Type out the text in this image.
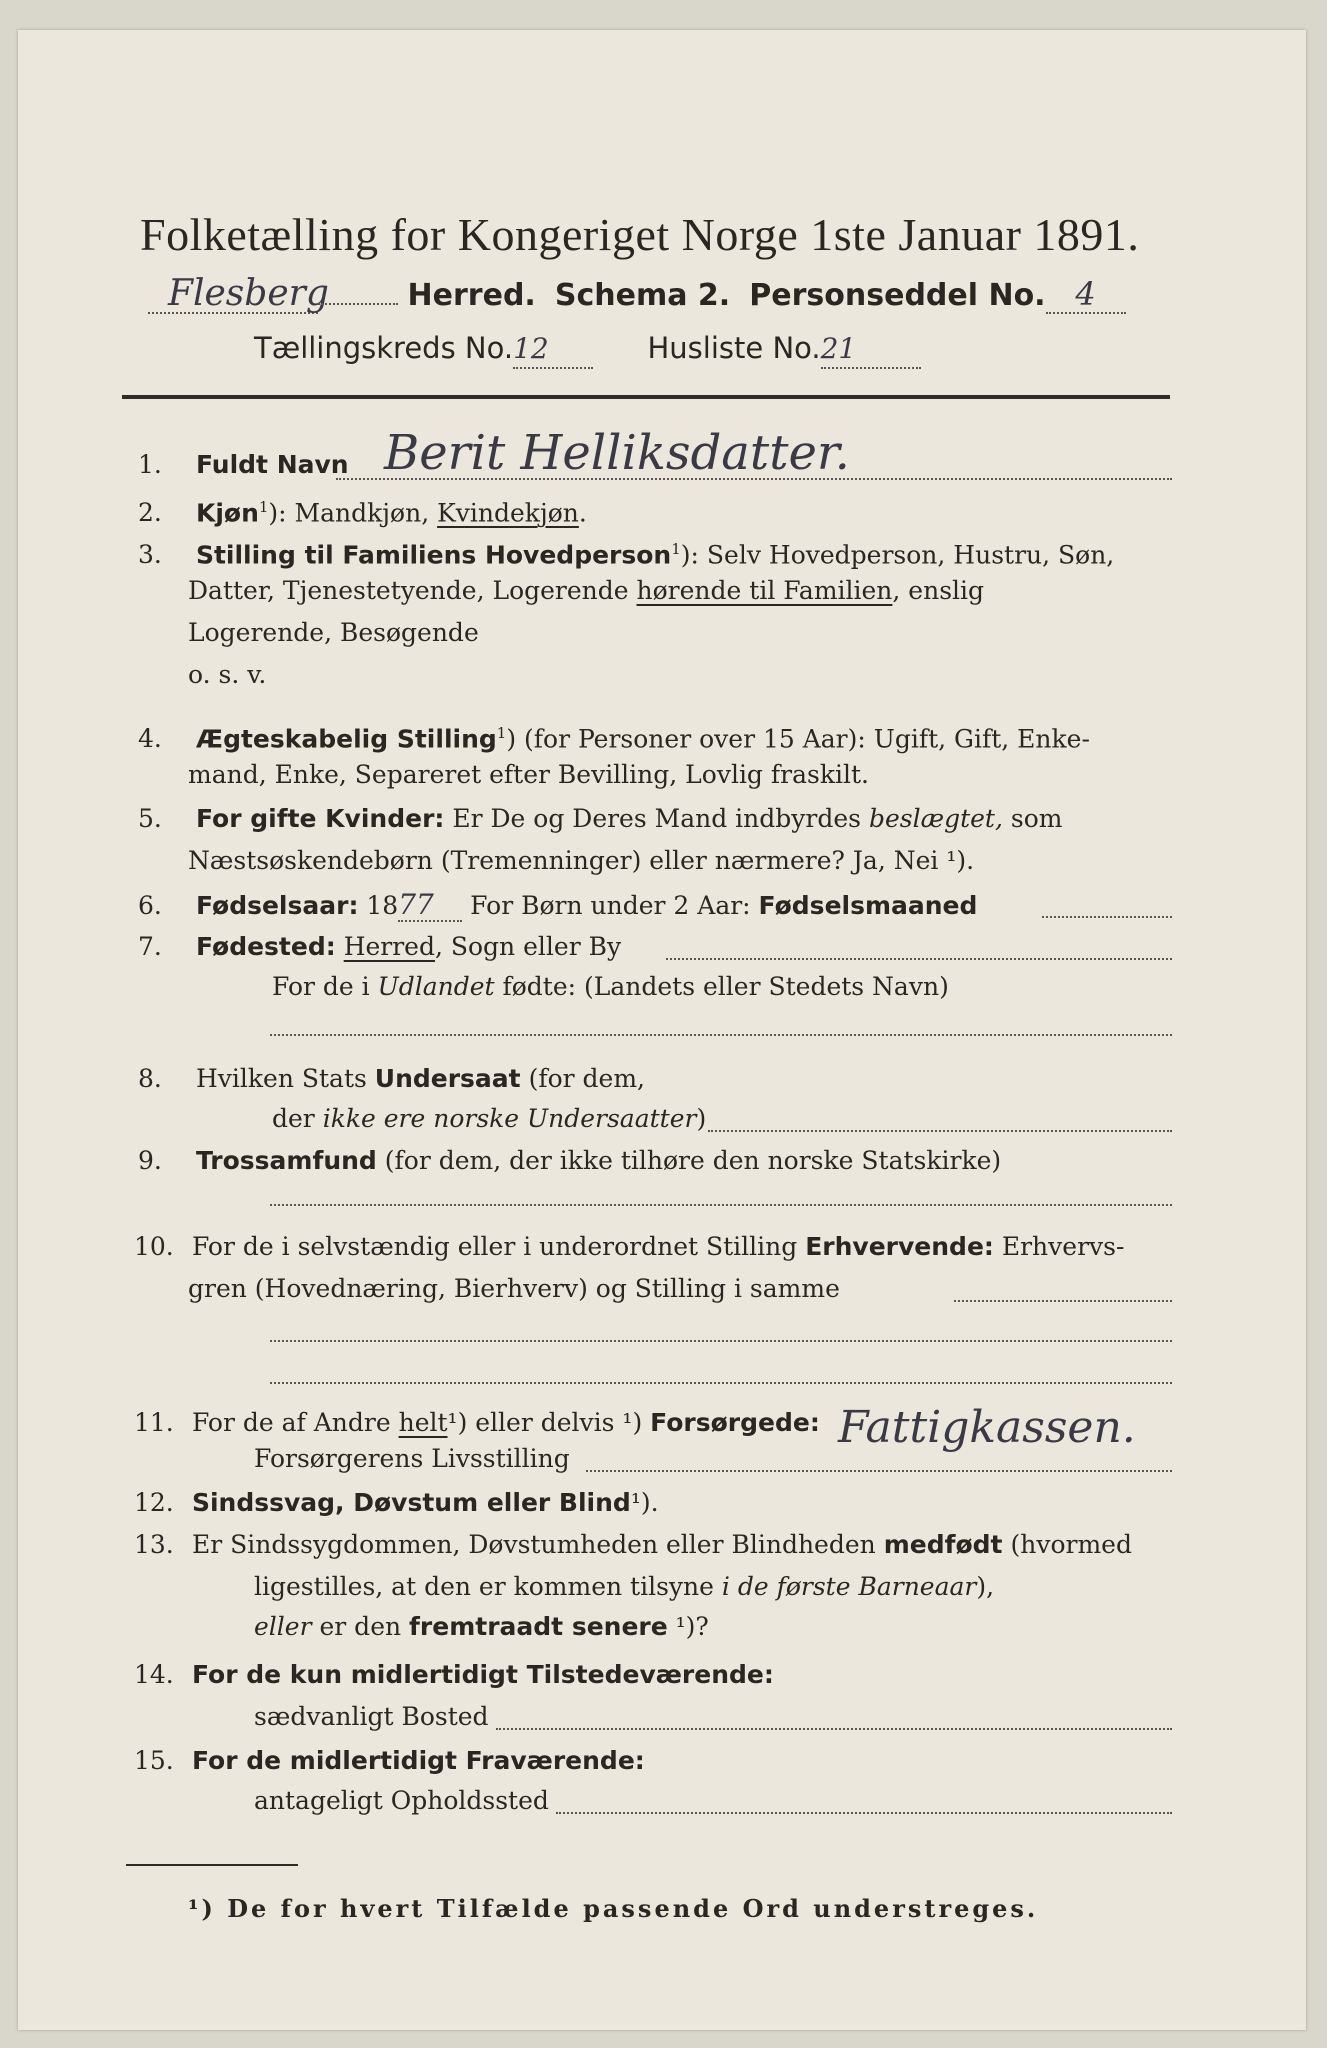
Folketælling for Kongeriget Norge 1ste Januar 1891.
Flesberg	Herred. Schema 2. Personseddel No. 4
Tællingskreds No.12	Husliste No.21
1. Fuldt Navn Berit Helliksdatter.
2. Kjøn$^1$): Mandkjøn, Kvindekjøn.
3. Stilling til Familiens Hovedperson$^1$): Selv Hovedperson, Hustru, Søn,
Datter, Tjenestetyende, Logerende hørende til Familien, enslig
Logerende, Besøgende
o. s. v.
4. Ægteskabelig Stilling$^1$) (for Personer over 15 Aar): Ugift, Gift, Enke-
mand, Enke, Separeret efter Bevilling, Lovlig fraskilt.
5. For gifte Kvinder: Er De og Deres Mand indbyrdes beslægtet, som
Næstsøskendebørn (Tremenninger) eller nærmere? Ja, Nei ¹).
6. Fødselsaar: 1877 For Børn under 2 Aar: Fødselsmaaned
7. Fødested: Herred, Sogn eller By
For de i Udlandet fødte: (Landets eller Stedets Navn)
8. Hvilken Stats Undersaat (for dem,
der ikke ere norske Undersaatter)
9. Trossamfund (for dem, der ikke tilhøre den norske Statskirke)
10. For de i selvstændig eller i underordnet Stilling Erhvervende: Erhvervs-
gren (Hovednæring, Bierhverv) og Stilling i samme
11. For de af Andre helt¹) eller delvis ¹) Forsørgede:
Forsørgerens Livsstilling
Fattigkassen.
12. Sindssvag, Døvstum eller Blind¹).
13. Er Sindssygdommen, Døvstumheden eller Blindheden medfødt (hvormed
ligestilles, at den er kommen tilsyne i de første Barneaar),
eller er den fremtraadt senere ¹)?
14. For de kun midlertidigt Tilstedeværende:
sædvanligt Bosted
15. For de midlertidigt Fraværende:
antageligt Opholdssted
¹) De for hvert Tilfælde passende Ord understreges.
